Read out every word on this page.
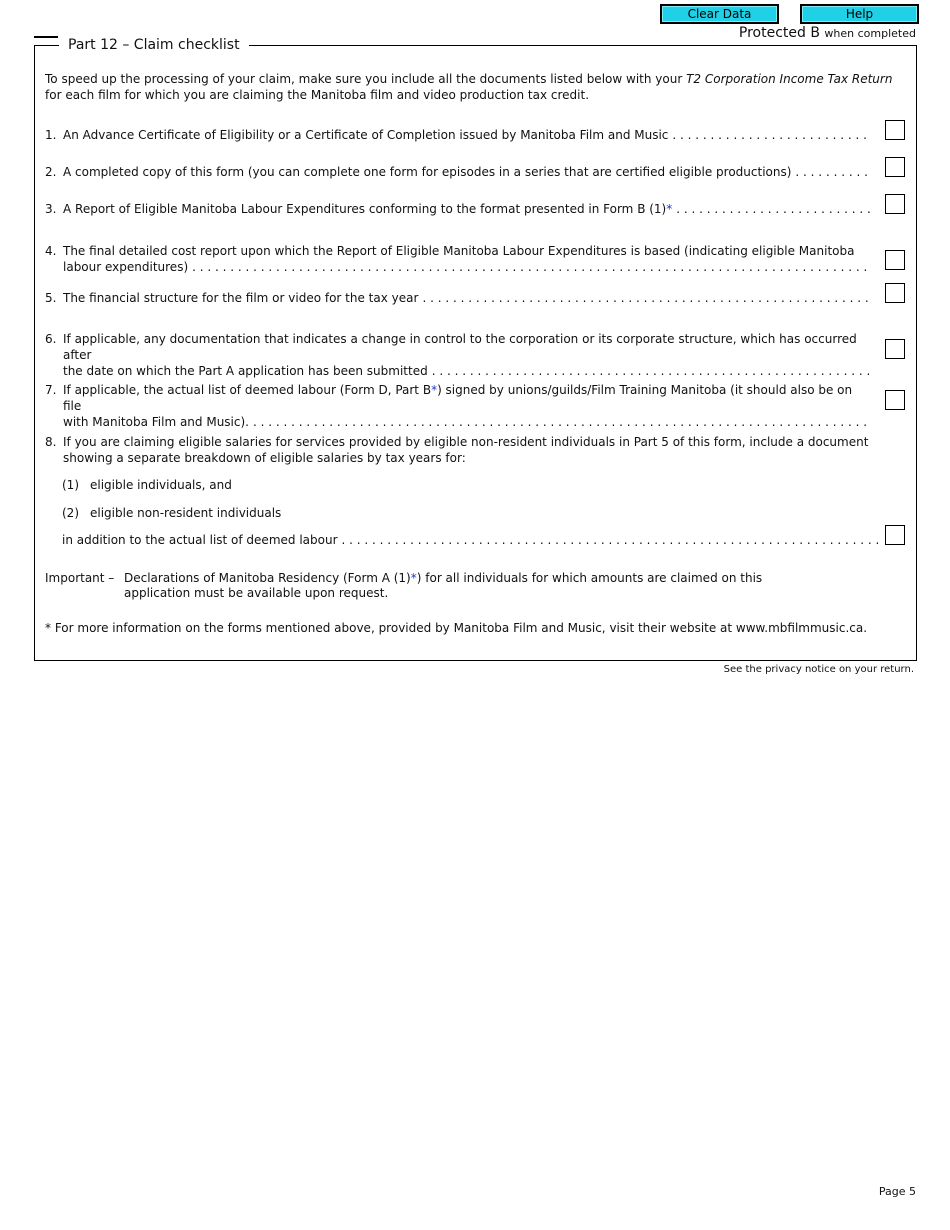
Clear Data	Help
Protected B when completed
Part 12 – Claim checklist
To speed up the processing of your claim, make sure you include all the documents listed below with your T2 Corporation Income Tax Return for each film for which you are claiming the Manitoba film and video production tax credit.
1. An Advance Certificate of Eligibility or a Certificate of Completion issued by Manitoba Film and Music
. . .
2. A completed copy of this form (you can complete one form for episodes in a series that are certified eligible productions)
. . .
3. A Report of Eligible Manitoba Labour Expenditures conforming to the format presented in Form B (1)*
. . .
4. The final detailed cost report upon which the Report of Eligible Manitoba Labour Expenditures is based (indicating eligible Manitoba
labour expenditures)
. . .
5. The financial structure for the film or video for the tax year
. . .
6. If applicable, any documentation that indicates a change in control to the corporation or its corporate structure, which has occurred after
the date on which the Part A application has been submitted
. . .
7. If applicable, the actual list of deemed labour (Form D, Part B*) signed by unions/guilds/Film Training Manitoba (it should also be on file
with Manitoba Film and Music).
. . .
8. If you are claiming eligible salaries for services provided by eligible non-resident individuals in Part 5 of this form, include a document
showing a separate breakdown of eligible salaries by tax years for:
(1) eligible individuals, and
(2) eligible non-resident individuals
in addition to the actual list of deemed labour
. . .
Important – Declarations of Manitoba Residency (Form A (1)*) for all individuals for which amounts are claimed on this application must be available upon request.
* For more information on the forms mentioned above, provided by Manitoba Film and Music, visit their website at www.mbfilmmusic.ca.
See the privacy notice on your return.
Page 5
